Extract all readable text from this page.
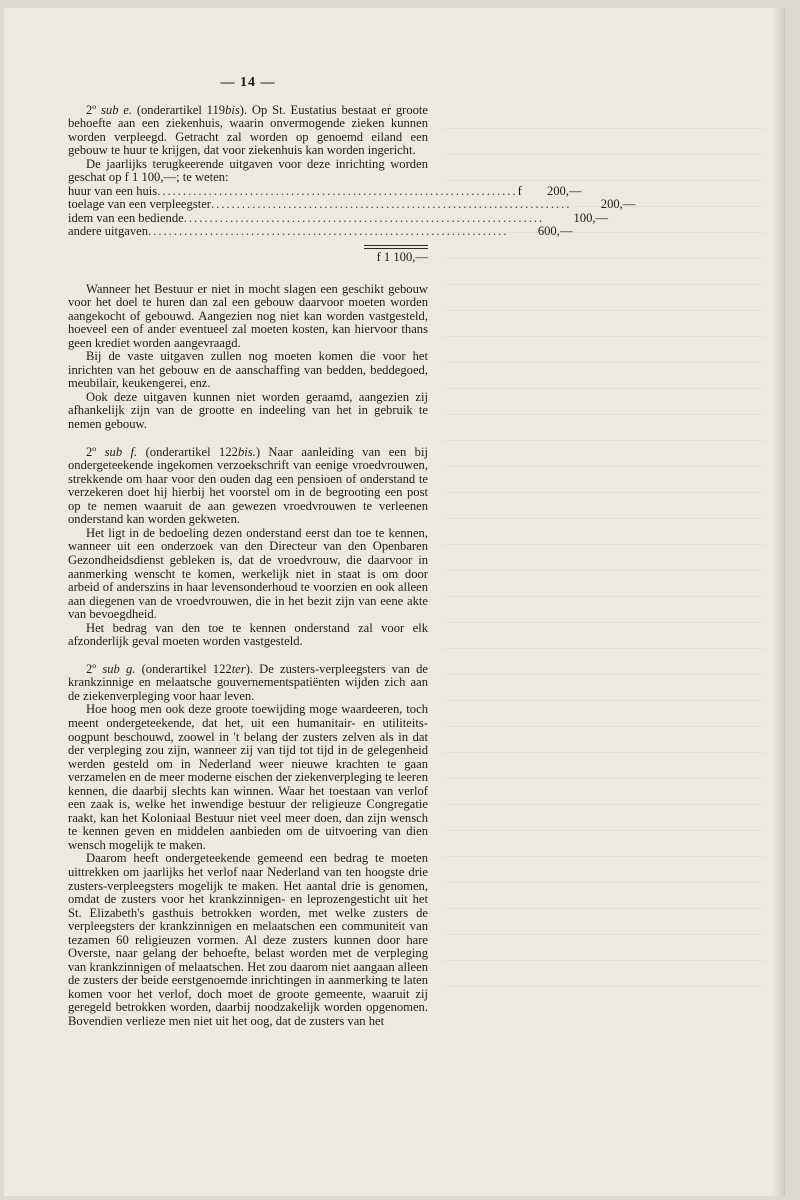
— 14 —

2º sub e. (onderartikel 119bis). Op St. Eustatius bestaat er groote behoefte aan een ziekenhuis, waarin onvermogende zieken kunnen worden verpleegd. Getracht zal worden op genoemd eiland een gebouw te huur te krijgen, dat voor ziekenhuis kan worden ingericht.

De jaarlijks terugkeerende uitgaven voor deze inrichting worden geschat op f 1 100,—; te weten:

huur van een huis ...................................................................... f	200,—
toelage van een verpleegster ......................................................................	200,—
idem van een bediende ......................................................................	100,—
andere uitgaven ......................................................................	600,—
f 1 100,—

Wanneer het Bestuur er niet in mocht slagen een geschikt gebouw voor het doel te huren dan zal een gebouw daarvoor moeten worden aangekocht of gebouwd. Aangezien nog niet kan worden vastgesteld, hoeveel een of ander eventueel zal moeten kosten, kan hiervoor thans geen krediet worden aangevraagd.

Bij de vaste uitgaven zullen nog moeten komen die voor het inrichten van het gebouw en de aanschaffing van bedden, beddegoed, meubilair, keukengerei, enz.

Ook deze uitgaven kunnen niet worden geraamd, aangezien zij afhankelijk zijn van de grootte en indeeling van het in gebruik te nemen gebouw.

2º sub f. (onderartikel 122bis.) Naar aanleiding van een bij ondergeteekende ingekomen verzoekschrift van eenige vroedvrouwen, strekkende om haar voor den ouden dag een pensioen of onderstand te verzekeren doet hij hierbij het voorstel om in de begrooting een post op te nemen waaruit de aan gewezen vroedvrouwen te verleenen onderstand kan worden gekweten.

Het ligt in de bedoeling dezen onderstand eerst dan toe te kennen, wanneer uit een onderzoek van den Directeur van den Openbaren Gezondheidsdienst gebleken is, dat de vroedvrouw, die daarvoor in aanmerking wenscht te komen, werkelijk niet in staat is om door arbeid of anderszins in haar levensonderhoud te voorzien en ook alleen aan diegenen van de vroedvrouwen, die in het bezit zijn van eene akte van bevoegdheid.

Het bedrag van den toe te kennen onderstand zal voor elk afzonderlijk geval moeten worden vastgesteld.

2º sub g. (onderartikel 122ter). De zusters-verpleegsters van de krankzinnige en melaatsche gouvernementspatiënten wijden zich aan de ziekenverpleging voor haar leven.

Hoe hoog men ook deze groote toewijding moge waardeeren, toch meent ondergeteekende, dat het, uit een humanitair- en utiliteits-oogpunt beschouwd, zoowel in 't belang der zusters zelven als in dat der verpleging zou zijn, wanneer zij van tijd tot tijd in de gelegenheid werden gesteld om in Nederland weer nieuwe krachten te gaan verzamelen en de meer moderne eischen der ziekenverpleging te leeren kennen, die daarbij slechts kan winnen. Waar het toestaan van verlof een zaak is, welke het inwendige bestuur der religieuze Congregatie raakt, kan het Koloniaal Bestuur niet veel meer doen, dan zijn wensch te kennen geven en middelen aanbieden om de uitvoering van dien wensch mogelijk te maken.

Daarom heeft ondergeteekende gemeend een bedrag te moeten uittrekken om jaarlijks het verlof naar Nederland van ten hoogste drie zusters-verpleegsters mogelijk te maken. Het aantal drie is genomen, omdat de zusters voor het krankzinnigen- en leprozengesticht uit het St. Elizabeth's gasthuis betrokken worden, met welke zusters de verpleegsters der krankzinnigen en melaatschen een communiteit van tezamen 60 religieuzen vormen. Al deze zusters kunnen door hare Overste, naar gelang der behoefte, belast worden met de verpleging van krankzinnigen of melaatschen. Het zou daarom niet aangaan alleen de zusters der beide eerstgenoemde inrichtingen in aanmerking te laten komen voor het verlof, doch moet de groote gemeente, waaruit zij geregeld betrokken worden, daarbij noodzakelijk worden opgenomen. Bovendien verlieze men niet uit het oog, dat de zusters van het
